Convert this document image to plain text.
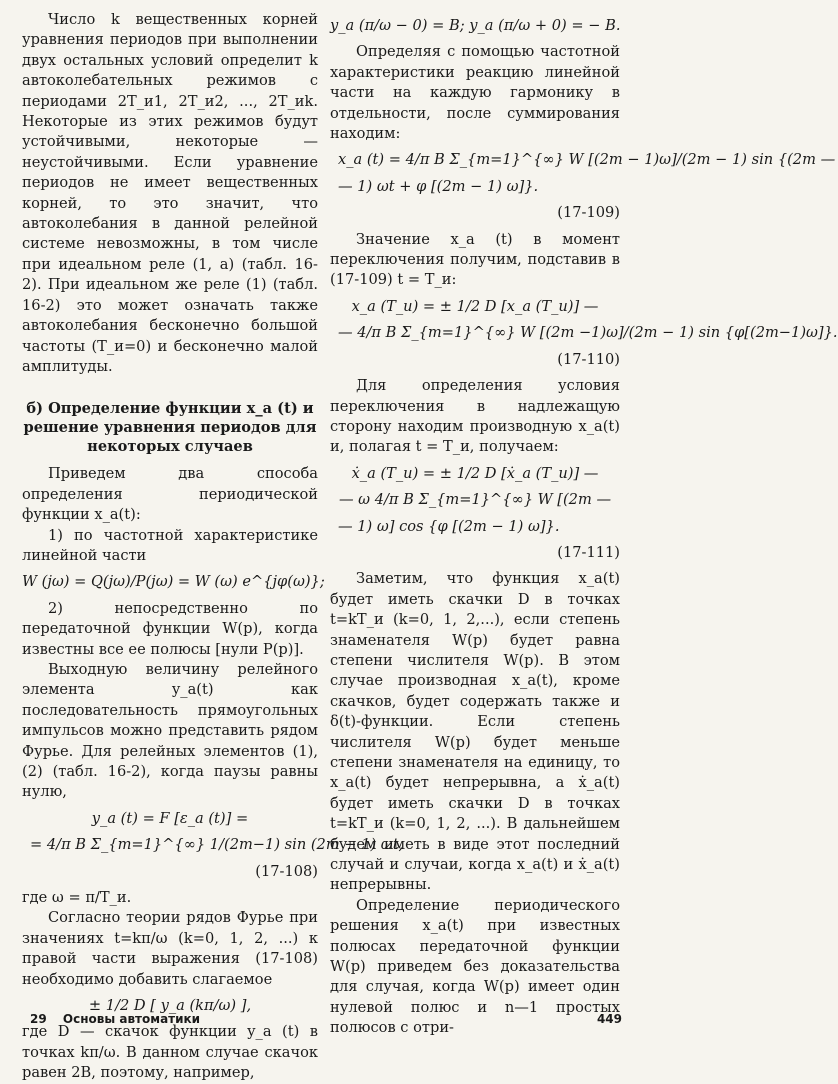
Число k вещественных корней уравнения периодов при выполнении двух остальных условий определит k автоколебательных режимов с периодами 2T_и1, 2T_и2, ..., 2T_иk. Некоторые из этих режимов будут устойчивыми, некоторые — неустойчивыми. Если уравнение периодов не имеет вещественных корней, то это значит, что автоколебания в данной релейной системе невозможны, в том числе при идеальном реле (1, а) (табл. 16-2). При идеальном же реле (1) (табл. 16-2) это может означать также автоколебания бесконечно большой частоты (T_и=0) и бесконечно малой амплитуды.

б) Определение функции x_а (t) и решение уравнения периодов для некоторых случаев

Приведем два способа определения периодической функции x_а(t):

1) по частотной характеристике линейной части

W (jω) = Q(jω)/P(jω) = W (ω) e^{jφ(ω)};

2) непосредственно по передаточной функции W(p), когда известны все ее полюсы [нули P(p)].

Выходную величину релейного элемента y_а(t) как последовательность прямоугольных импульсов можно представить рядом Фурье. Для релейных элементов (1), (2) (табл. 16-2), когда паузы равны нулю,

y_а (t) = F [ε_а (t)] =

= 4/π B Σ_{m=1}^{∞} 1/(2m−1) sin (2m − 1) ωt,

(17-108)

где ω = π/T_и.

Согласно теории рядов Фурье при значениях t=kπ/ω (k=0, 1, 2, ...) к правой части выражения (17-108) необходимо добавить слагаемое

± 1/2 D [ y_а (kπ/ω) ],

где D — скачок функции y_а (t) в точках kπ/ω. В данном случае скачок равен 2B, поэтому, например,

y_а (π/ω − 0) = B; y_а (π/ω + 0) = − B.

Определяя с помощью частотной характеристики реакцию линейной части на каждую гармонику в отдельности, после суммирования находим:

x_а (t) = 4/π B Σ_{m=1}^{∞} W [(2m − 1)ω]/(2m − 1) sin {(2m —

— 1) ωt + φ [(2m − 1) ω]}.

(17-109)

Значение x_а (t) в момент переключения получим, подставив в (17-109) t = T_и:

x_а (T_и) = ± 1/2 D [x_а (T_и)] —

— 4/π B Σ_{m=1}^{∞} W [(2m −1)ω]/(2m − 1) sin {φ[(2m−1)ω]}.

(17-110)

Для определения условия переключения в надлежащую сторону находим производную x_а(t) и, полагая t = T_и, получаем:

ẋ_а (T_и) = ± 1/2 D [ẋ_а (T_и)] —

— ω 4/π B Σ_{m=1}^{∞} W [(2m —

— 1) ω] cos {φ [(2m − 1) ω]}.

(17-111)

Заметим, что функция x_а(t) будет иметь скачки D в точках t=kT_и (k=0, 1, 2,...), если степень знаменателя W(p) будет равна степени числителя W(p). В этом случае производная x_а(t), кроме скачков, будет содержать также и δ(t)-функции. Если степень числителя W(p) будет меньше степени знаменателя на единицу, то x_а(t) будет непрерывна, а ẋ_а(t) будет иметь скачки D в точках t=kT_и (k=0, 1, 2, ...). В дальнейшем будем иметь в виде этот последний случай и случаи, когда x_а(t) и ẋ_а(t) непрерывны.

Определение периодического решения x_а(t) при известных полюсах передаточной функции W(p) приведем без доказательства для случая, когда W(p) имеет один нулевой полюс и n—1 простых полюсов с отри-

29 Основы автоматики	449
